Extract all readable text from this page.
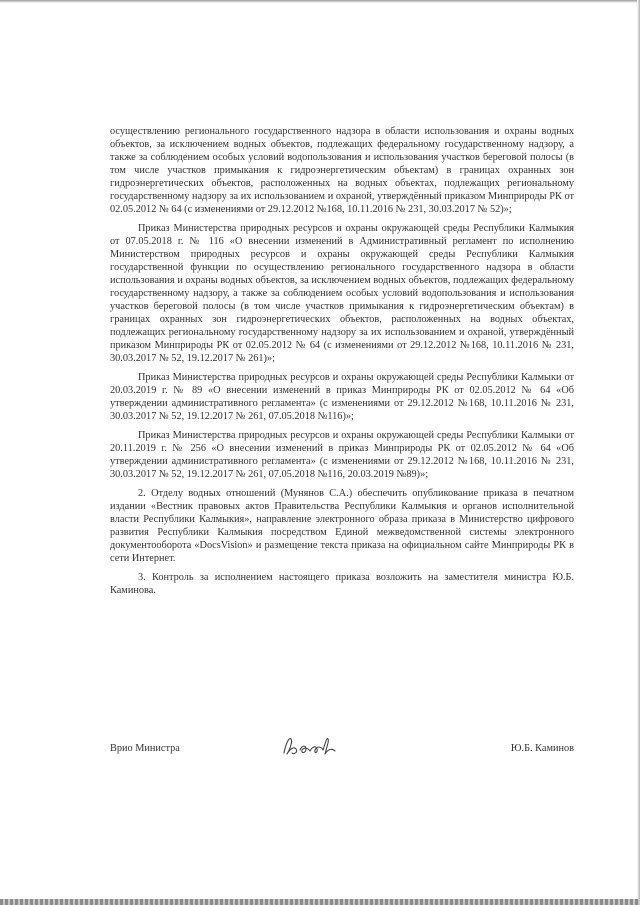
осуществлению регионального государственного надзора в области использования и охраны водных объектов, за исключением водных объектов, подлежащих федеральному государственному надзору, а также за соблюдением особых условий водопользования и использования участков береговой полосы (в том числе участков примыкания к гидроэнергетическим объектам) в границах охранных зон гидроэнергетических объектов, расположенных на водных объектах, подлежащих региональному государственному надзору за их использованием и охраной, утверждённый приказом Минприроды РК от 02.05.2012 № 64 (с изменениями от 29.12.2012 №168, 10.11.2016 № 231, 30.03.2017 № 52)»;

Приказ Министерства природных ресурсов и охраны окружающей среды Республики Калмыкия от 07.05.2018 г. № 116 «О внесении изменений в Административный регламент по исполнению Министерством природных ресурсов и охраны окружающей среды Республики Калмыкия государственной функции по осуществлению регионального государственного надзора в области использования и охраны водных объектов, за исключением водных объектов, подлежащих федеральному государственному надзору, а также за соблюдением особых условий водопользования и использования участков береговой полосы (в том числе участков примыкания к гидроэнергетическим объектам) в границах охранных зон гидроэнергетических объектов, расположенных на водных объектах, подлежащих региональному государственному надзору за их использованием и охраной, утверждённый приказом Минприроды РК от 02.05.2012 № 64 (с изменениями от 29.12.2012 №168, 10.11.2016 № 231, 30.03.2017 № 52, 19.12.2017 № 261)»;

Приказ Министерства природных ресурсов и охраны окружающей среды Республики Калмыки от 20.03.2019 г. № 89 «О внесении изменений в приказ Минприроды РК от 02.05.2012 № 64 «Об утверждении административного регламента» (с изменениями от 29.12.2012 №168, 10.11.2016 № 231, 30.03.2017 № 52, 19.12.2017 № 261, 07.05.2018 №116)»;

Приказ Министерства природных ресурсов и охраны окружающей среды Республики Калмыки от 20.11.2019 г. № 256 «О внесении изменений в приказ Минприроды РК от 02.05.2012 № 64 «Об утверждении административного регламента» (с изменениями от 29.12.2012 №168, 10.11.2016 № 231, 30.03.2017 № 52, 19.12.2017 № 261, 07.05.2018 №116, 20.03.2019 №89)»;

2. Отделу водных отношений (Мунянов С.А.) обеспечить опубликование приказа в печатном издании «Вестник правовых актов Правительства Республики Калмыкия и органов исполнительной власти Республики Калмыкия», направление электронного образа приказа в Министерство цифрового развития Республики Калмыкия посредством Единой межведомственной системы электронного документооборота «DocsVision» и размещение текста приказа на официальном сайте Минприроды РК в сети Интернет.

3. Контроль за исполнением настоящего приказа возложить на заместителя министра Ю.Б. Каминова.

Врио Министра	Ю.Б. Каминов
